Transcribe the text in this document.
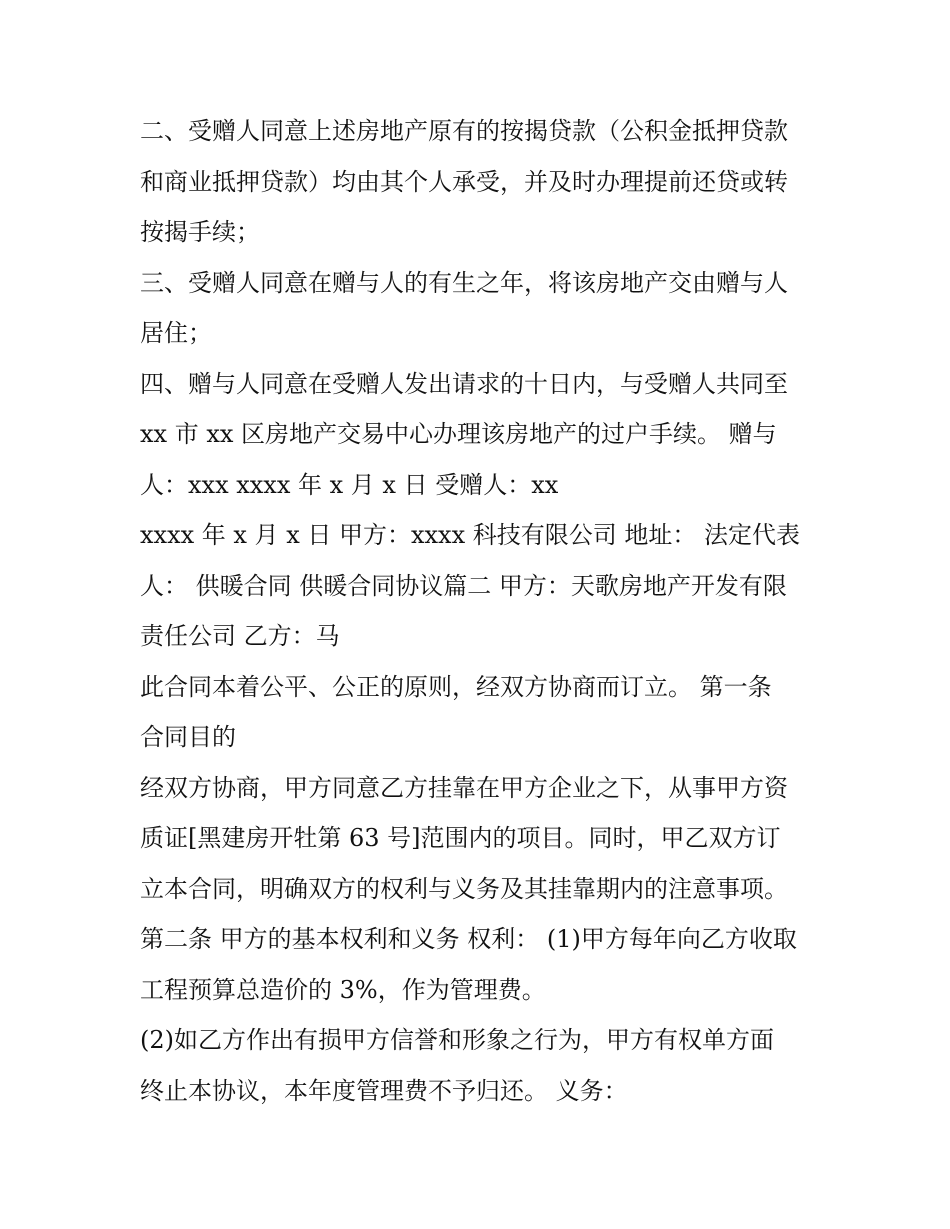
二、受赠人同意上述房地产原有的按揭贷款（公积金抵押贷款
和商业抵押贷款）均由其个人承受，并及时办理提前还贷或转
按揭手续；
三、受赠人同意在赠与人的有生之年，将该房地产交由赠与人
居住；
四、赠与人同意在受赠人发出请求的十日内，与受赠人共同至
xx 市 xx 区房地产交易中心办理该房地产的过户手续。 赠与
人：xxx xxxx 年 x 月 x 日 受赠人：xx
xxxx 年 x 月 x 日 甲方：xxxx 科技有限公司 地址： 法定代表
人： 供暖合同 供暖合同协议篇二 甲方：天歌房地产开发有限
责任公司 乙方：马
此合同本着公平、公正的原则，经双方协商而订立。 第一条
合同目的
经双方协商，甲方同意乙方挂靠在甲方企业之下，从事甲方资
质证[黑建房开牡第 63 号]范围内的项目。同时，甲乙双方订
立本合同，明确双方的权利与义务及其挂靠期内的注意事项。
第二条 甲方的基本权利和义务 权利： (1)甲方每年向乙方收取
工程预算总造价的 3%，作为管理费。
(2)如乙方作出有损甲方信誉和形象之行为，甲方有权单方面
终止本协议，本年度管理费不予归还。 义务：
